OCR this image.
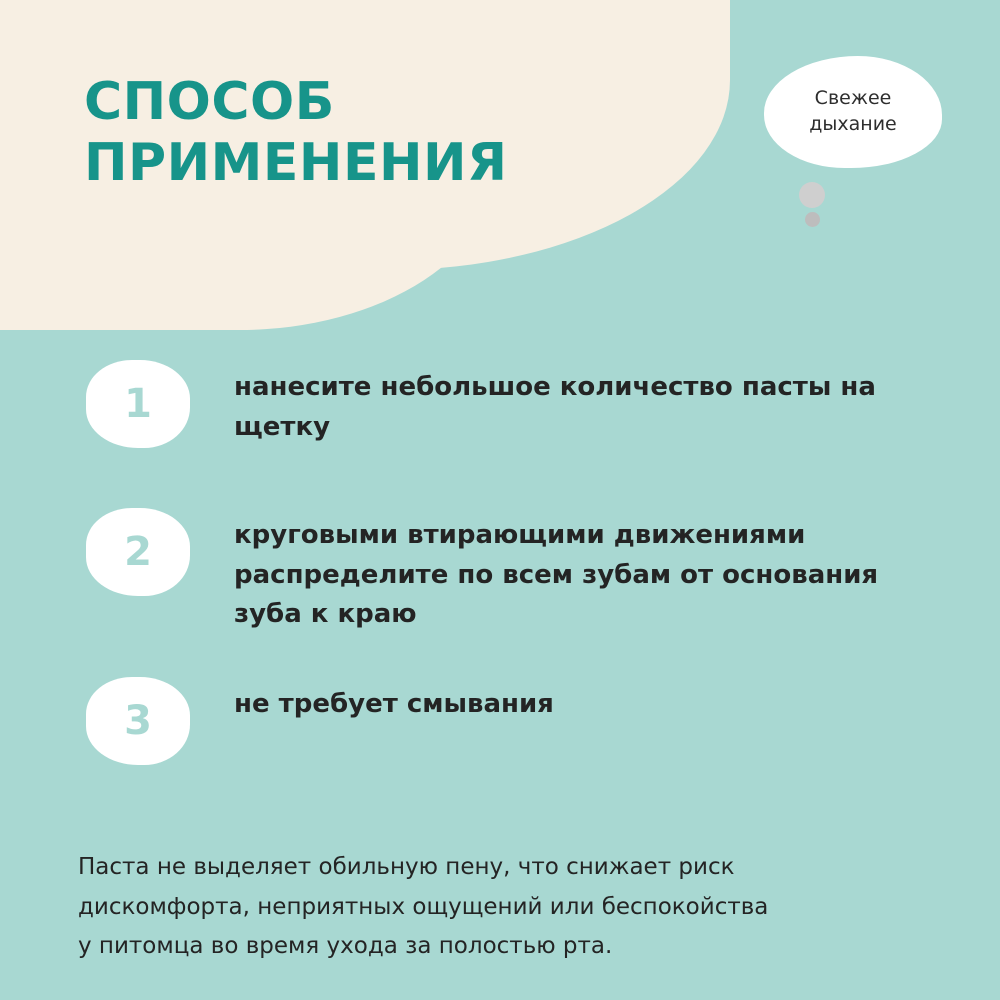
СПОСОБ
ПРИМЕНЕНИЯ
Свежее
дыхание
1	нанесите небольшое количество пасты на щетку
2	круговыми втирающими движениями распределите по всем зубам от основания зуба к краю
3	не требует смывания
Паста не выделяет обильную пену, что снижает риск
дискомфорта, неприятных ощущений или беспокойства
у питомца во время ухода за полостью рта.
